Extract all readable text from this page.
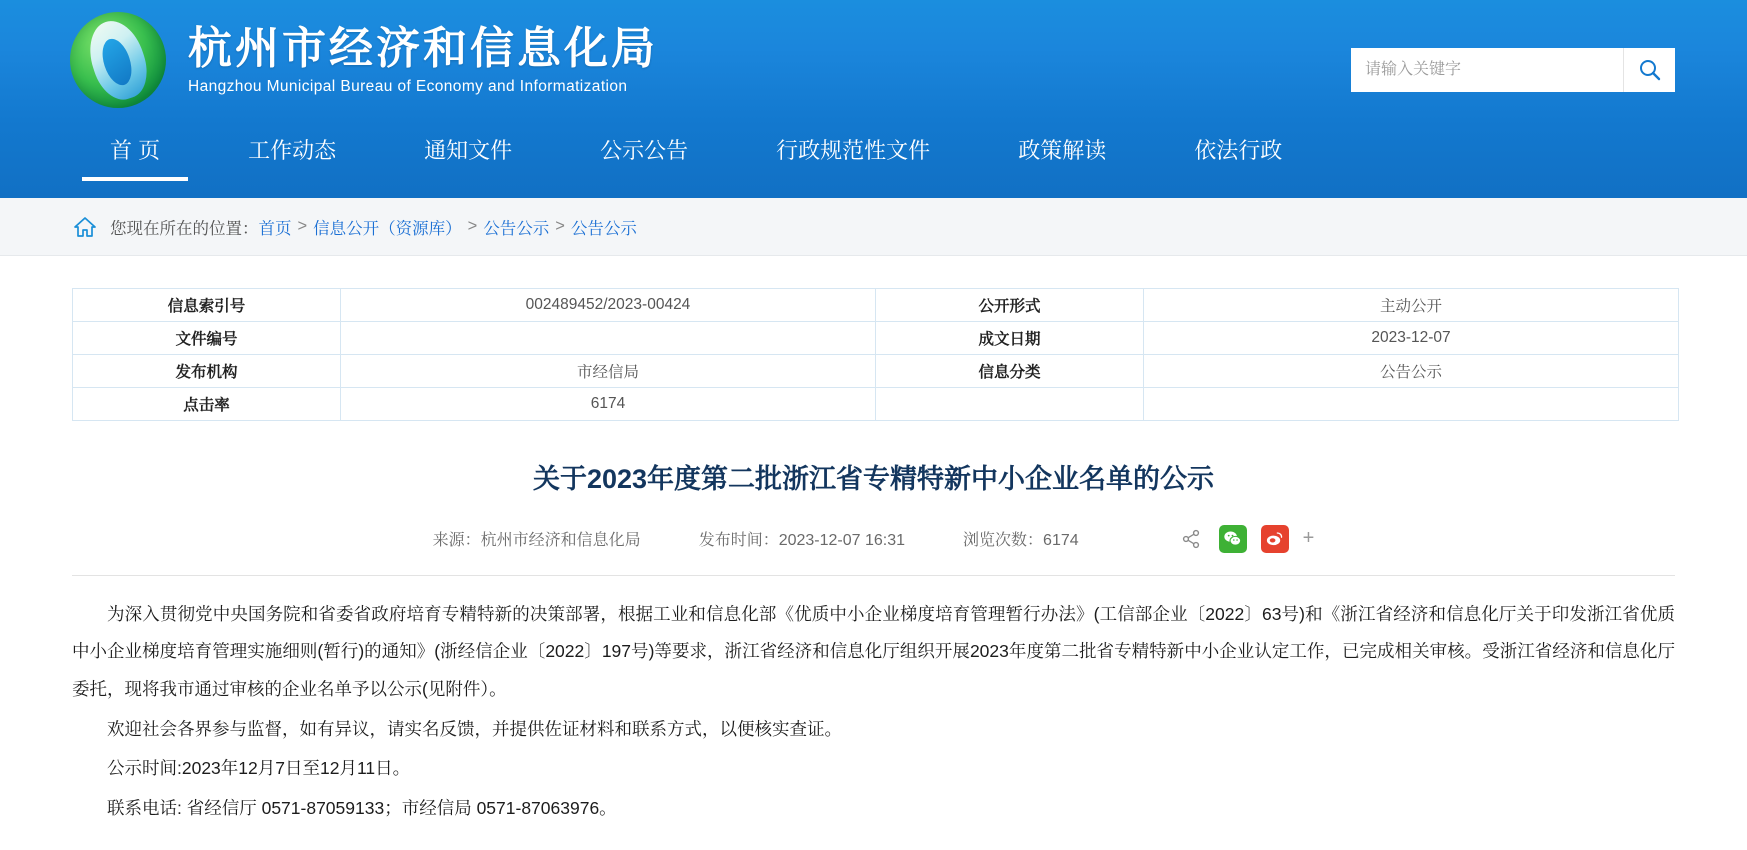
杭州市经济和信息化局
Hangzhou Municipal Bureau of Economy and Informatization
请输入关键字
首 页	工作动态	通知文件	公示公告	行政规范性文件	政策解读	依法行政
您现在所在的位置： 首页 > 信息公开（资源库） > 公告公示 > 公告公示
信息索引号	002489452/2023-00424	公开形式	主动公开
文件编号		成文日期	2023-12-07
发布机构	市经信局	信息分类	公告公示
点击率	6174		
关于2023年度第二批浙江省专精特新中小企业名单的公示
来源：杭州市经济和信息化局	发布时间：2023-12-07 16:31	浏览次数：6174	+

为深入贯彻党中央国务院和省委省政府培育专精特新的决策部署，根据工业和信息化部《优质中小企业梯度培育管理暂行办法》(工信部企业〔2022〕63号)和《浙江省经济和信息化厅关于印发浙江省优质中小企业梯度培育管理实施细则(暂行)的通知》(浙经信企业〔2022〕197号)等要求，浙江省经济和信息化厅组织开展2023年度第二批省专精特新中小企业认定工作，已完成相关审核。受浙江省经济和信息化厅委托，现将我市通过审核的企业名单予以公示(见附件）。

欢迎社会各界参与监督，如有异议，请实名反馈，并提供佐证材料和联系方式，以便核实查证。

公示时间:2023年12月7日至12月11日。

联系电话: 省经信厅 0571-87059133；市经信局 0571-87063976。
